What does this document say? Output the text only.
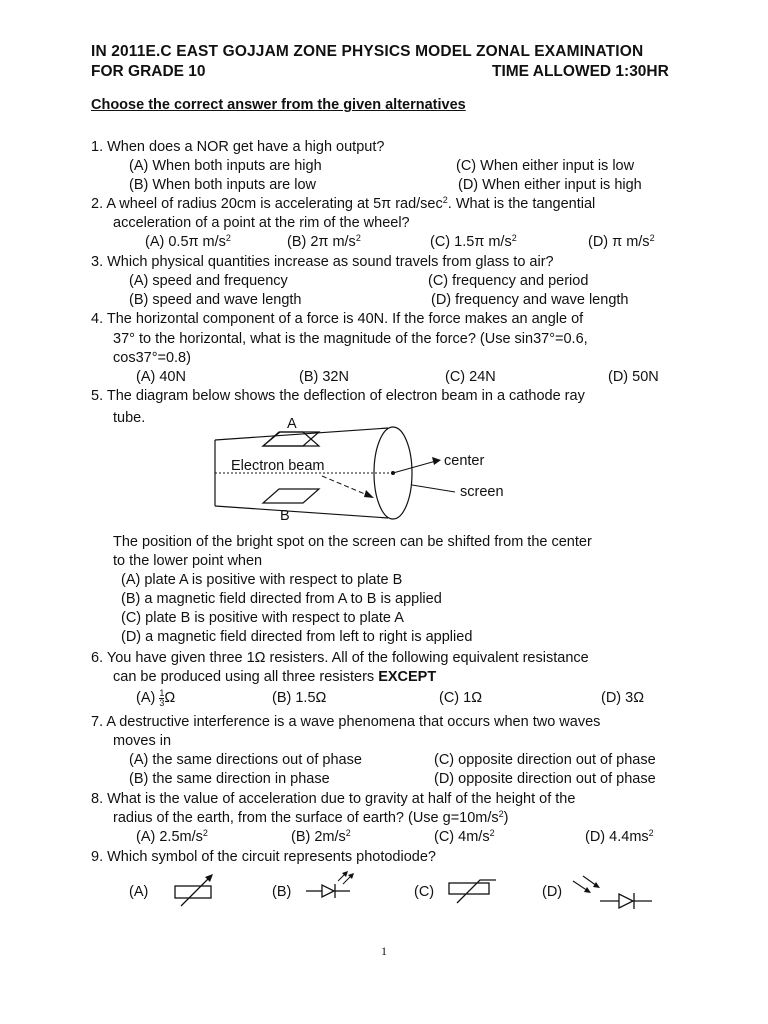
IN 2011E.C EAST GOJJAM ZONE PHYSICS MODEL ZONAL EXAMINATION
FOR GRADE 10	TIME ALLOWED 1:30HR
Choose the correct answer from the given alternatives
1. When does a NOR get have a high output?
(A) When both inputs are high	(C) When either input is low
(B) When both inputs are low	(D) When either input is high
2. A wheel of radius 20cm is accelerating at 5π rad/$\sec^2$. What is the tangential
acceleration of a point at the rim of the wheel?
(A) 0.5π $m/s^2$	(B) 2π $m/s^2$	(C) 1.5π $m/s^2$	(D) π $m/s^2$
3. Which physical quantities increase as sound travels from glass to air?
(A) speed and frequency	(C) frequency and period
(B) speed and wave length	(D) frequency and wave length
4. The horizontal component of a force is 40N. If the force makes an angle of
37° to the horizontal, what is the magnitude of the force? (Use sin37°=0.6,
cos37°=0.8)
(A) 40N	(B) 32N	(C) 24N	(D) 50N
5. The diagram below shows the deflection of electron beam in a cathode ray
tube.	A
B
Electron beam	center
screen
The position of the bright spot on the screen can be shifted from the center
to the lower point when
(A) plate A is positive with respect to plate B
(B) a magnetic field directed from A to B is applied
(C) plate B is positive with respect to plate A
(D) a magnetic field directed from left to right is applied
6. You have given three 1Ω resisters. All of the following equivalent resistance
can be produced using all three resisters EXCEPT
$(A) \frac{1}{3}\Omega$	(B) 1.5Ω	(C) 1Ω	(D) 3Ω
7. A destructive interference is a wave phenomena that occurs when two waves
moves in
(A) the same directions out of phase	(C) opposite direction out of phase
(B) the same direction in phase	(D) opposite direction out of phase
8. What is the value of acceleration due to gravity at half of the height of the
radius of the earth, from the surface of earth? (Use $g=10m/s^2$)
(A) $2.5m/s^2$	(B) $2m/s^2$	(C) $4m/s^2$	(D) $4.4ms^2$
9. Which symbol of the circuit represents photodiode?
(A)	(B)	(C)	(D)
1
